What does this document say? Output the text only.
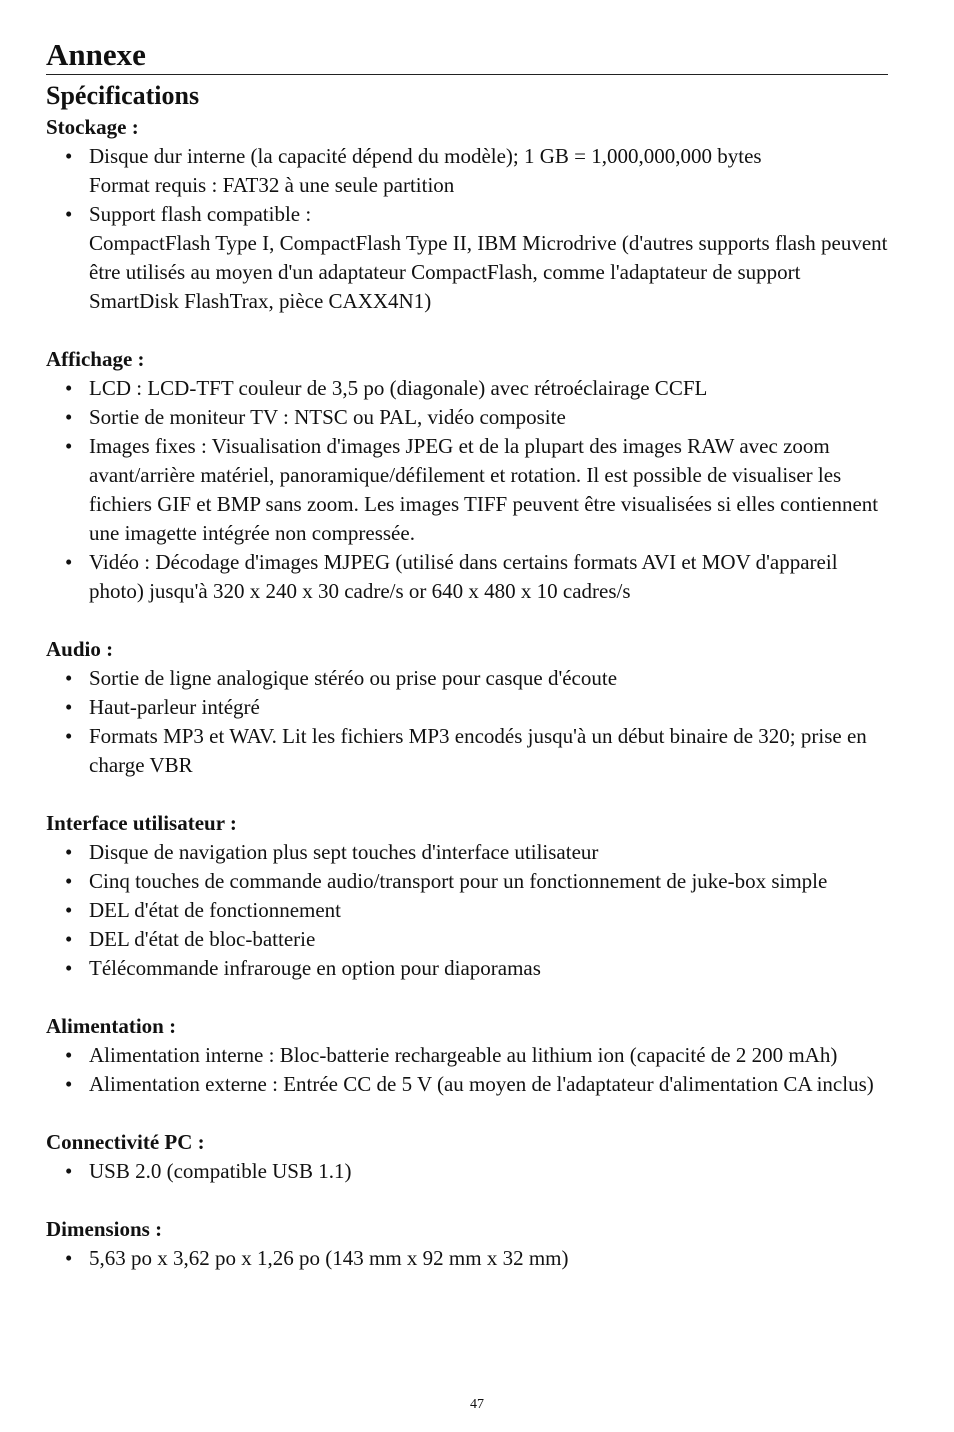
Annexe
Spécifications
Stockage :
• Disque dur interne (la capacité dépend du modèle); 1 GB = 1,000,000,000 bytes
Format requis : FAT32 à une seule partition
• Support flash compatible :
CompactFlash Type I, CompactFlash Type II, IBM Microdrive (d'autres supports flash peuvent être utilisés au moyen d'un adaptateur CompactFlash, comme l'adaptateur de support SmartDisk FlashTrax, pièce CAXX4N1)
Affichage :
• LCD : LCD-TFT couleur de 3,5 po (diagonale) avec rétroéclairage CCFL
• Sortie de moniteur TV : NTSC ou PAL, vidéo composite
• Images fixes : Visualisation d'images JPEG et de la plupart des images RAW avec zoom avant/arrière matériel, panoramique/défilement et rotation. Il est possible de visualiser les fichiers GIF et BMP sans zoom. Les images TIFF peuvent être visualisées si elles contiennent une imagette intégrée non compressée.
• Vidéo : Décodage d'images MJPEG (utilisé dans certains formats AVI et MOV d'appareil photo) jusqu'à 320 x 240 x 30 cadre/s or 640 x 480 x 10 cadres/s
Audio :
• Sortie de ligne analogique stéréo ou prise pour casque d'écoute
• Haut-parleur intégré
• Formats MP3 et WAV. Lit les fichiers MP3 encodés jusqu'à un début binaire de 320; prise en charge VBR
Interface utilisateur :
• Disque de navigation plus sept touches d'interface utilisateur
• Cinq touches de commande audio/transport pour un fonctionnement de juke-box simple
• DEL d'état de fonctionnement
• DEL d'état de bloc-batterie
• Télécommande infrarouge en option pour diaporamas
Alimentation :
• Alimentation interne : Bloc-batterie rechargeable au lithium ion (capacité de 2 200 mAh)
• Alimentation externe : Entrée CC de 5 V (au moyen de l'adaptateur d'alimentation CA inclus)
Connectivité PC :
• USB 2.0 (compatible USB 1.1)
Dimensions :
• 5,63 po x 3,62 po x 1,26 po (143 mm x 92 mm x 32 mm)
47
